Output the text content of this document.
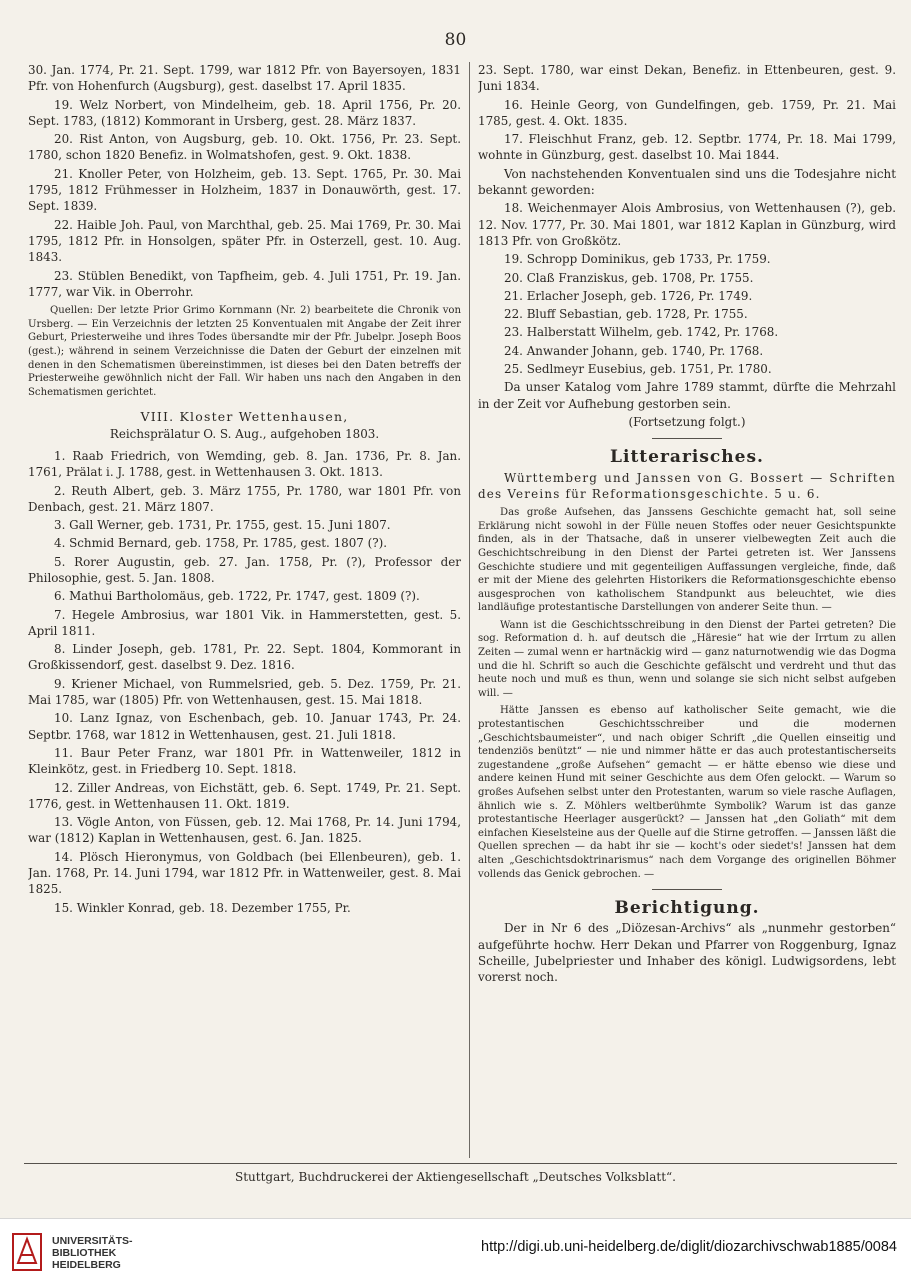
80

30. Jan. 1774, Pr. 21. Sept. 1799, war 1812 Pfr. von Bayersoyen, 1831 Pfr. von Hohenfurch (Augsburg), gest. daselbst 17. April 1835.

19. Welz Norbert, von Mindelheim, geb. 18. April 1756, Pr. 20. Sept. 1783, (1812) Kommorant in Ursberg, gest. 28. März 1837.

20. Rist Anton, von Augsburg, geb. 10. Okt. 1756, Pr. 23. Sept. 1780, schon 1820 Benefiz. in Wolmatshofen, gest. 9. Okt. 1838.

21. Knoller Peter, von Holzheim, geb. 13. Sept. 1765, Pr. 30. Mai 1795, 1812 Frühmesser in Holzheim, 1837 in Donauwörth, gest. 17. Sept. 1839.

22. Haible Joh. Paul, von Marchthal, geb. 25. Mai 1769, Pr. 30. Mai 1795, 1812 Pfr. in Honsolgen, später Pfr. in Osterzell, gest. 10. Aug. 1843.

23. Stüblen Benedikt, von Tapfheim, geb. 4. Juli 1751, Pr. 19. Jan. 1777, war Vik. in Oberrohr.

Quellen: Der letzte Prior Grimo Kornmann (Nr. 2) bearbeitete die Chronik von Ursberg. — Ein Verzeichnis der letzten 25 Konventualen mit Angabe der Zeit ihrer Geburt, Priesterweihe und ihres Todes übersandte mir der Pfr. Jubelpr. Joseph Boos (gest.); während in seinem Verzeichnisse die Daten der Geburt der einzelnen mit denen in den Schematismen übereinstimmen, ist dieses bei den Daten betreffs der Priesterweihe gewöhnlich nicht der Fall. Wir haben uns nach den Angaben in den Schematismen gerichtet.

VIII. Kloster Wettenhausen,
Reichsprälatur O. S. Aug., aufgehoben 1803.

1. Raab Friedrich, von Wemding, geb. 8. Jan. 1736, Pr. 8. Jan. 1761, Prälat i. J. 1788, gest. in Wettenhausen 3. Okt. 1813.

2. Reuth Albert, geb. 3. März 1755, Pr. 1780, war 1801 Pfr. von Denbach, gest. 21. März 1807.

3. Gall Werner, geb. 1731, Pr. 1755, gest. 15. Juni 1807.

4. Schmid Bernard, geb. 1758, Pr. 1785, gest. 1807 (?).

5. Rorer Augustin, geb. 27. Jan. 1758, Pr. (?), Professor der Philosophie, gest. 5. Jan. 1808.

6. Mathui Bartholomäus, geb. 1722, Pr. 1747, gest. 1809 (?).

7. Hegele Ambrosius, war 1801 Vik. in Hammerstetten, gest. 5. April 1811.

8. Linder Joseph, geb. 1781, Pr. 22. Sept. 1804, Kommorant in Großkissendorf, gest. daselbst 9. Dez. 1816.

9. Kriener Michael, von Rummelsried, geb. 5. Dez. 1759, Pr. 21. Mai 1785, war (1805) Pfr. von Wettenhausen, gest. 15. Mai 1818.

10. Lanz Ignaz, von Eschenbach, geb. 10. Januar 1743, Pr. 24. Septbr. 1768, war 1812 in Wettenhausen, gest. 21. Juli 1818.

11. Baur Peter Franz, war 1801 Pfr. in Wattenweiler, 1812 in Kleinkötz, gest. in Friedberg 10. Sept. 1818.

12. Ziller Andreas, von Eichstätt, geb. 6. Sept. 1749, Pr. 21. Sept. 1776, gest. in Wettenhausen 11. Okt. 1819.

13. Vögle Anton, von Füssen, geb. 12. Mai 1768, Pr. 14. Juni 1794, war (1812) Kaplan in Wettenhausen, gest. 6. Jan. 1825.

14. Plösch Hieronymus, von Goldbach (bei Ellenbeuren), geb. 1. Jan. 1768, Pr. 14. Juni 1794, war 1812 Pfr. in Wattenweiler, gest. 8. Mai 1825.

15. Winkler Konrad, geb. 18. Dezember 1755, Pr.

23. Sept. 1780, war einst Dekan, Benefiz. in Ettenbeuren, gest. 9. Juni 1834.

16. Heinle Georg, von Gundelfingen, geb. 1759, Pr. 21. Mai 1785, gest. 4. Okt. 1835.

17. Fleischhut Franz, geb. 12. Septbr. 1774, Pr. 18. Mai 1799, wohnte in Günzburg, gest. daselbst 10. Mai 1844.

Von nachstehenden Konventualen sind uns die Todesjahre nicht bekannt geworden:

18. Weichenmayer Alois Ambrosius, von Wettenhausen (?), geb. 12. Nov. 1777, Pr. 30. Mai 1801, war 1812 Kaplan in Günzburg, wird 1813 Pfr. von Großkötz.

19. Schropp Dominikus, geb 1733, Pr. 1759.

20. Claß Franziskus, geb. 1708, Pr. 1755.

21. Erlacher Joseph, geb. 1726, Pr. 1749.

22. Bluff Sebastian, geb. 1728, Pr. 1755.

23. Halberstatt Wilhelm, geb. 1742, Pr. 1768.

24. Anwander Johann, geb. 1740, Pr. 1768.

25. Sedlmeyr Eusebius, geb. 1751, Pr. 1780.

Da unser Katalog vom Jahre 1789 stammt, dürfte die Mehrzahl in der Zeit vor Aufhebung gestorben sein.

(Fortsetzung folgt.)

Litterarisches.

Württemberg und Janssen von G. Bossert — Schriften des Vereins für Reformationsgeschichte. 5 u. 6.

Das große Aufsehen, das Janssens Geschichte gemacht hat, soll seine Erklärung nicht sowohl in der Fülle neuen Stoffes oder neuer Gesichtspunkte finden, als in der Thatsache, daß in unserer vielbewegten Zeit auch die Geschichtschreibung in den Dienst der Partei getreten ist. Wer Janssens Geschichte studiere und mit gegenteiligen Auffassungen vergleiche, finde, daß er mit der Miene des gelehrten Historikers die Reformationsgeschichte ebenso ausgesprochen von katholischem Standpunkt aus beleuchtet, wie dies landläufige protestantische Darstellungen von anderer Seite thun. —

Wann ist die Geschichtsschreibung in den Dienst der Partei getreten? Die sog. Reformation d. h. auf deutsch die „Häresie“ hat wie der Irrtum zu allen Zeiten — zumal wenn er hartnäckig wird — ganz naturnotwendig wie das Dogma und die hl. Schrift so auch die Geschichte gefälscht und verdreht und thut das heute noch und muß es thun, wenn und solange sie sich nicht selbst aufgeben will. —

Hätte Janssen es ebenso auf katholischer Seite gemacht, wie die protestantischen Geschichtsschreiber und die modernen „Geschichtsbaumeister“, und nach obiger Schrift „die Quellen einseitig und tendenziös benützt“ — nie und nimmer hätte er das auch protestantischerseits zugestandene „große Aufsehen“ gemacht — er hätte ebenso wie diese und andere keinen Hund mit seiner Geschichte aus dem Ofen gelockt. — Warum so großes Aufsehen selbst unter den Protestanten, warum so viele rasche Auflagen, ähnlich wie s. Z. Möhlers weltberühmte Symbolik? Warum ist das ganze protestantische Heerlager ausgerückt? — Janssen hat „den Goliath“ mit dem einfachen Kieselsteine aus der Quelle auf die Stirne getroffen. — Janssen läßt die Quellen sprechen — da habt ihr sie — kocht's oder siedet's! Janssen hat dem alten „Geschichtsdoktrinarismus“ nach dem Vorgange des originellen Böhmer vollends das Genick gebrochen. —

Berichtigung.

Der in Nr 6 des „Diözesan-Archivs“ als „nunmehr gestorben“ aufgeführte hochw. Herr Dekan und Pfarrer von Roggenburg, Ignaz Scheille, Jubelpriester und Inhaber des königl. Ludwigsordens, lebt vorerst noch.

Stuttgart, Buchdruckerei der Aktiengesellschaft „Deutsches Volksblatt“.
UNIVERSITÄTS-
BIBLIOTHEK
HEIDELBERG
http://digi.ub.uni-heidelberg.de/diglit/diozarchivschwab1885/0084
